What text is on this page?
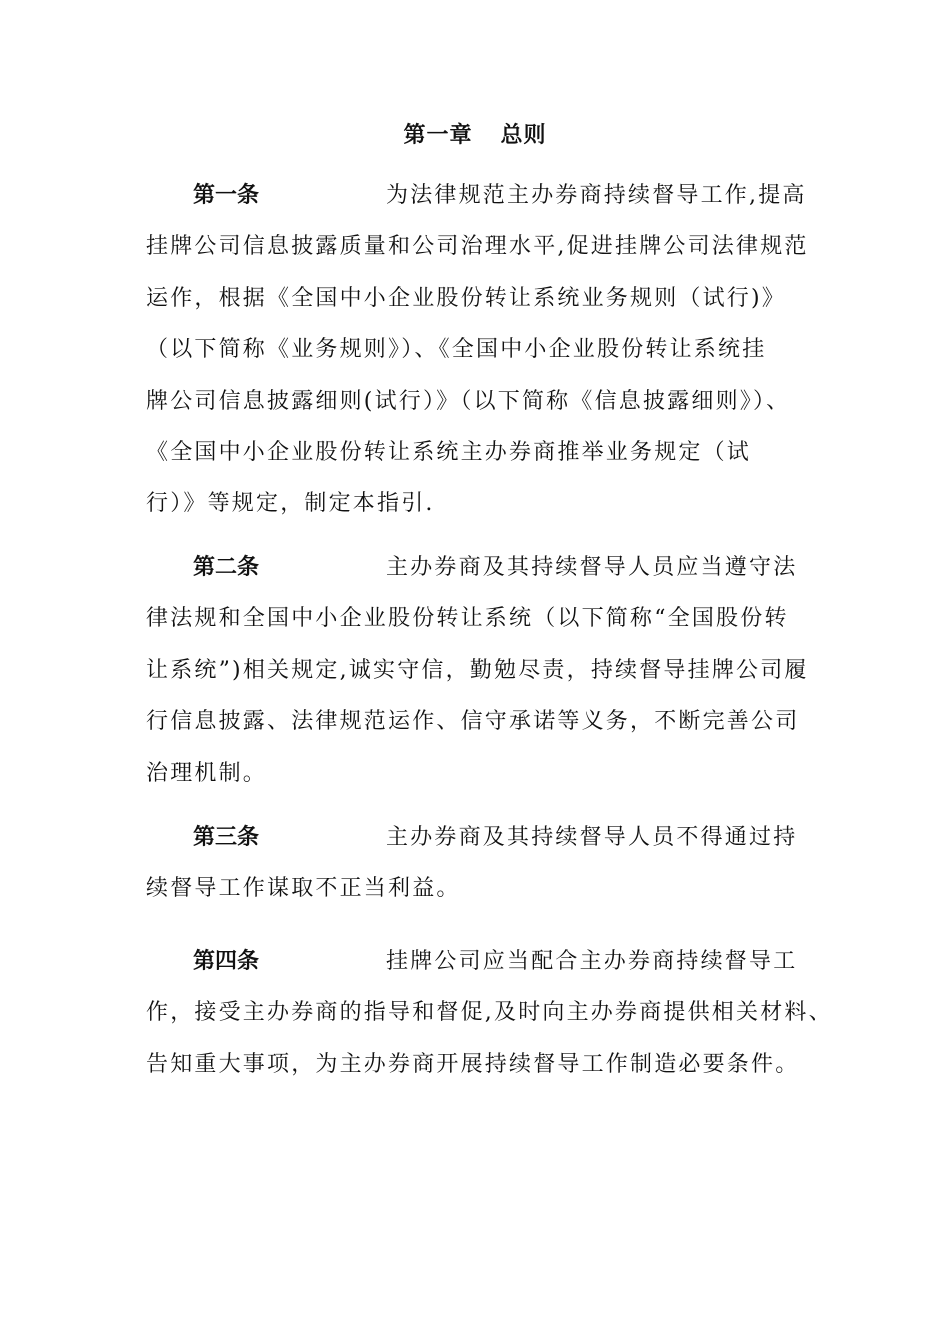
第一章 总则
第一条	为法律规范主办券商持续督导工作,提高
挂牌公司信息披露质量和公司治理水平,促进挂牌公司法律规范
运作，根据《全国中小企业股份转让系统业务规则（试行)》
（以下简称《业务规则》）、《全国中小企业股份转让系统挂
牌公司信息披露细则(试行）》（以下简称《信息披露细则》）、
《全国中小企业股份转让系统主办券商推举业务规定（试
行）》等规定，制定本指引.
第二条	主办券商及其持续督导人员应当遵守法
律法规和全国中小企业股份转让系统（以下简称“全国股份转
让系统”)相关规定,诚实守信，勤勉尽责，持续督导挂牌公司履
行信息披露、法律规范运作、信守承诺等义务，不断完善公司
治理机制。
第三条	主办券商及其持续督导人员不得通过持
续督导工作谋取不正当利益。
第四条	挂牌公司应当配合主办券商持续督导工
作，接受主办券商的指导和督促,及时向主办券商提供相关材料、
告知重大事项，为主办券商开展持续督导工作制造必要条件。
